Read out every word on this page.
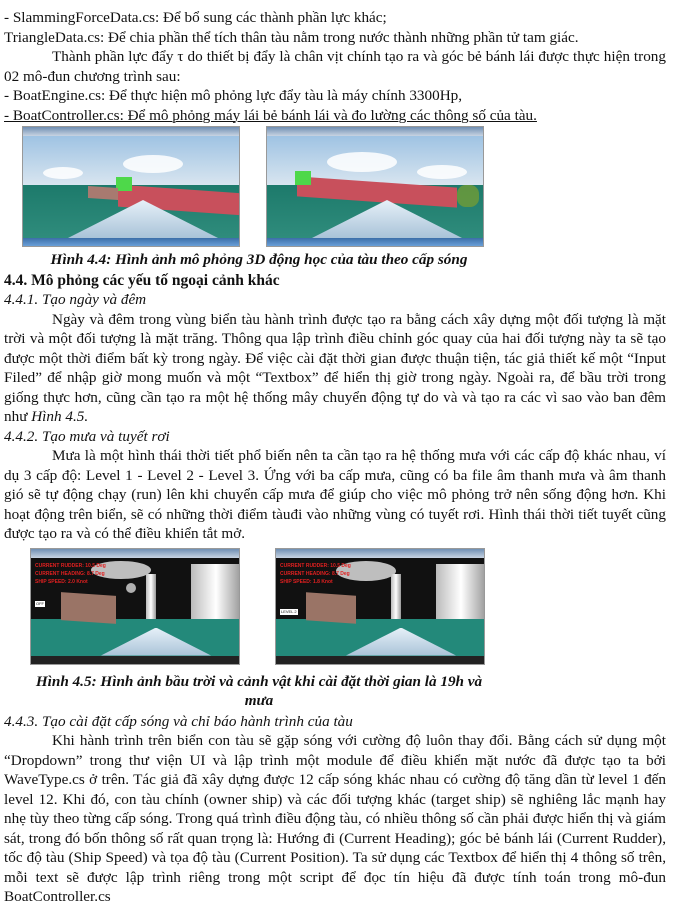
- SlammingForceData.cs: Để bổ sung các thành phần lực khác;

TriangleData.cs: Để chia phần thể tích thân tàu nằm trong nước thành những phần tử tam giác.

Thành phần lực đẩy τ do thiết bị đẩy là chân vịt chính tạo ra và góc bẻ bánh lái được thực hiện trong 02 mô-đun chương trình sau:

- BoatEngine.cs: Để thực hiện mô phỏng lực đẩy tàu là máy chính 3300Hp,

- BoatController.cs: Để mô phỏng máy lái bẻ bánh lái và đo lường các thông số của tàu.

Hình 4.4: Hình ảnh mô phỏng 3D động học của tàu theo cấp sóng
4.4. Mô phỏng các yếu tố ngoại cảnh khác
4.4.1. Tạo ngày và đêm

Ngày và đêm trong vùng biển tàu hành trình được tạo ra bằng cách xây dựng một đối tượng là mặt trời và một đối tượng là mặt trăng. Thông qua lập trình điều chỉnh góc quay của hai đối tượng này ta sẽ tạo được một thời điểm bất kỳ trong ngày. Để việc cài đặt thời gian được thuận tiện, tác giả thiết kế một “Input Filed” để nhập giờ mong muốn và một “Textbox” để hiển thị giờ trong ngày. Ngoài ra, để bầu trời trong giống thực hơn, cũng cần tạo ra một hệ thống mây chuyển động tự do và và tạo ra các vì sao vào ban đêm như Hình 4.5.

4.4.2. Tạo mưa và tuyết rơi

Mưa là một hình thái thời tiết phổ biến nên ta cần tạo ra hệ thống mưa với các cấp độ khác nhau, ví dụ 3 cấp độ: Level 1 - Level 2 - Level 3. Ứng với ba cấp mưa, cũng có ba file âm thanh mưa và âm thanh gió sẽ tự động chạy (run) lên khi chuyển cấp mưa để giúp cho việc mô phỏng trở nên sống động hơn. Khi hoạt động trên biển, sẽ có những thời điểm tàuđi vào những vùng có tuyết rơi. Hình thái thời tiết tuyết cũng được tạo ra và có thể điều khiển tắt mở.

CURRENT RUDDER: 10.5 Deg
CURRENT HEADING: 8.7 Deg
SHIP SPEED: 2.0 Knot
OFF
CURRENT RUDDER: 10.5 Deg
CURRENT HEADING: 8.7 Deg
SHIP SPEED: 1.8 Knot
LEVEL 2
Hình 4.5: Hình ảnh bầu trời và cảnh vật khi cài đặt thời gian là 19h và
mưa
4.4.3. Tạo cài đặt cấp sóng và chỉ báo hành trình của tàu

Khi hành trình trên biển con tàu sẽ gặp sóng với cường độ luôn thay đổi. Bằng cách sử dụng một “Dropdown” trong thư viện UI và lập trình một module để điều khiển mặt nước đã được tạo ta bởi WaveType.cs ở trên. Tác giả đã xây dựng được 12 cấp sóng khác nhau có cường độ tăng dần từ level 1 đến level 12. Khi đó, con tàu chính (owner ship) và các đối tượng khác (target ship) sẽ nghiêng lắc mạnh hay nhẹ tùy theo từng cấp sóng. Trong quá trình điều động tàu, có nhiều thông số cần phải được hiển thị và giám sát, trong đó bốn thông số rất quan trọng là: Hướng đi (Current Heading); góc bẻ bánh lái (Current Rudder), tốc độ tàu (Ship Speed) và tọa độ tàu (Current Position). Ta sử dụng các Textbox để hiển thị 4 thông số trên, mỗi text sẽ được lập trình riêng trong một script để đọc tín hiệu đã được tính toán trong mô-đun BoatController.cs
